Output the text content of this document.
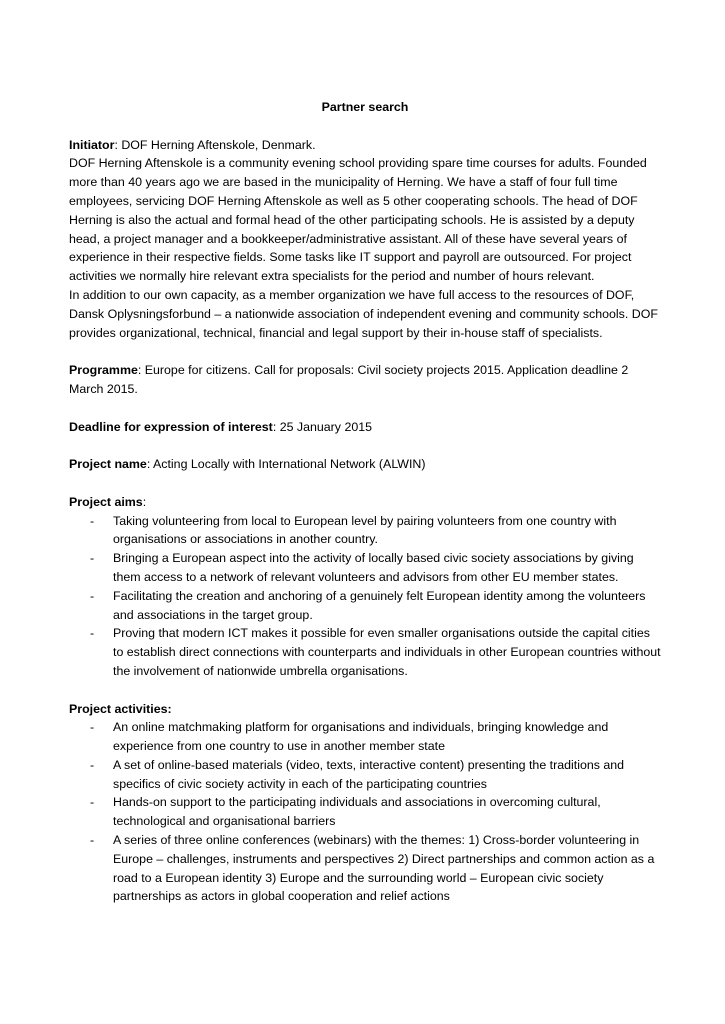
Partner search

Initiator: DOF Herning Aftenskole, Denmark.

DOF Herning Aftenskole is a community evening school providing spare time courses for adults. Founded more than 40 years ago we are based in the municipality of Herning. We have a staff of four full time employees, servicing DOF Herning Aftenskole as well as 5 other cooperating schools. The head of DOF Herning is also the actual and formal head of the other participating schools. He is assisted by a deputy head, a project manager and a bookkeeper/administrative assistant. All of these have several years of experience in their respective fields. Some tasks like IT support and payroll are outsourced. For project activities we normally hire relevant extra specialists for the period and number of hours relevant.

In addition to our own capacity, as a member organization we have full access to the resources of DOF, Dansk Oplysningsforbund – a nationwide association of independent evening and community schools. DOF provides organizational, technical, financial and legal support by their in-house staff of specialists.

Programme: Europe for citizens. Call for proposals: Civil society projects 2015. Application deadline 2 March 2015.

Deadline for expression of interest: 25 January 2015

Project name: Acting Locally with International Network (ALWIN)

Project aims:

- Taking volunteering from local to European level by pairing volunteers from one country with organisations or associations in another country.
- Bringing a European aspect into the activity of locally based civic society associations by giving them access to a network of relevant volunteers and advisors from other EU member states.
- Facilitating the creation and anchoring of a genuinely felt European identity among the volunteers and associations in the target group.
- Proving that modern ICT makes it possible for even smaller organisations outside the capital cities to establish direct connections with counterparts and individuals in other European countries without the involvement of nationwide umbrella organisations.

Project activities:

- An online matchmaking platform for organisations and individuals, bringing knowledge and experience from one country to use in another member state
- A set of online-based materials (video, texts, interactive content) presenting the traditions and specifics of civic society activity in each of the participating countries
- Hands-on support to the participating individuals and associations in overcoming cultural, technological and organisational barriers
- A series of three online conferences (webinars) with the themes: 1) Cross-border volunteering in Europe – challenges, instruments and perspectives 2) Direct partnerships and common action as a road to a European identity 3) Europe and the surrounding world – European civic society partnerships as actors in global cooperation and relief actions
